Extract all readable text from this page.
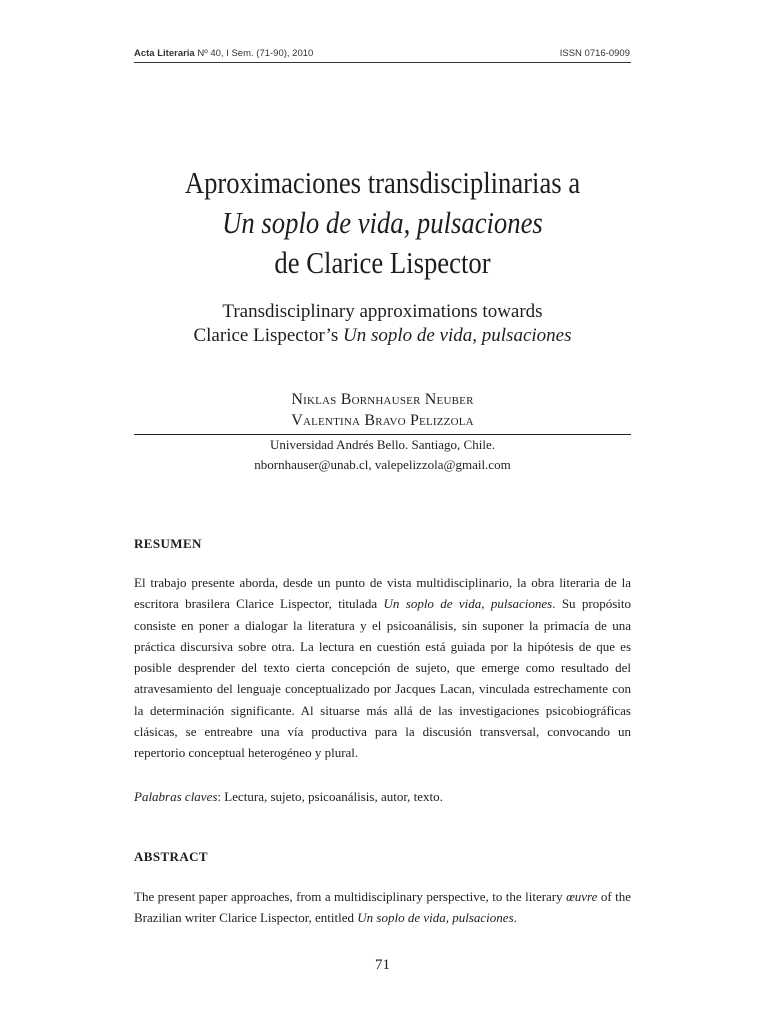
Acta Literaria Nº 40, I Sem. (71-90), 2010	ISSN 0716-0909
Aproximaciones transdisciplinarias a
Un soplo de vida, pulsaciones
de Clarice Lispector
Transdisciplinary approximations towards
Clarice Lispector’s Un soplo de vida, pulsaciones
Niklas Bornhauser Neuber
Valentina Bravo Pelizzola
Universidad Andrés Bello. Santiago, Chile.
nbornhauser@unab.cl, valepelizzola@gmail.com
RESUMEN
El trabajo presente aborda, desde un punto de vista multidisciplinario, la obra literaria de la escritora brasilera Clarice Lispector, titulada Un soplo de vida, pulsaciones. Su propósito consiste en poner a dialogar la literatura y el psicoanálisis, sin suponer la primacía de una práctica discursiva sobre otra. La lectura en cuestión está guiada por la hipótesis de que es posible desprender del texto cierta concepción de sujeto, que emerge como resultado del atravesamiento del lenguaje conceptualizado por Jacques Lacan, vinculada estrechamente con la determinación significante. Al situarse más allá de las investigaciones psicobiográficas clásicas, se entreabre una vía productiva para la discusión transversal, convocando un repertorio conceptual heterogéneo y plural.
Palabras claves: Lectura, sujeto, psicoanálisis, autor, texto.
ABSTRACT
The present paper approaches, from a multidisciplinary perspective, to the literary œuvre of the Brazilian writer Clarice Lispector, entitled Un soplo de vida, pulsaciones.
71
